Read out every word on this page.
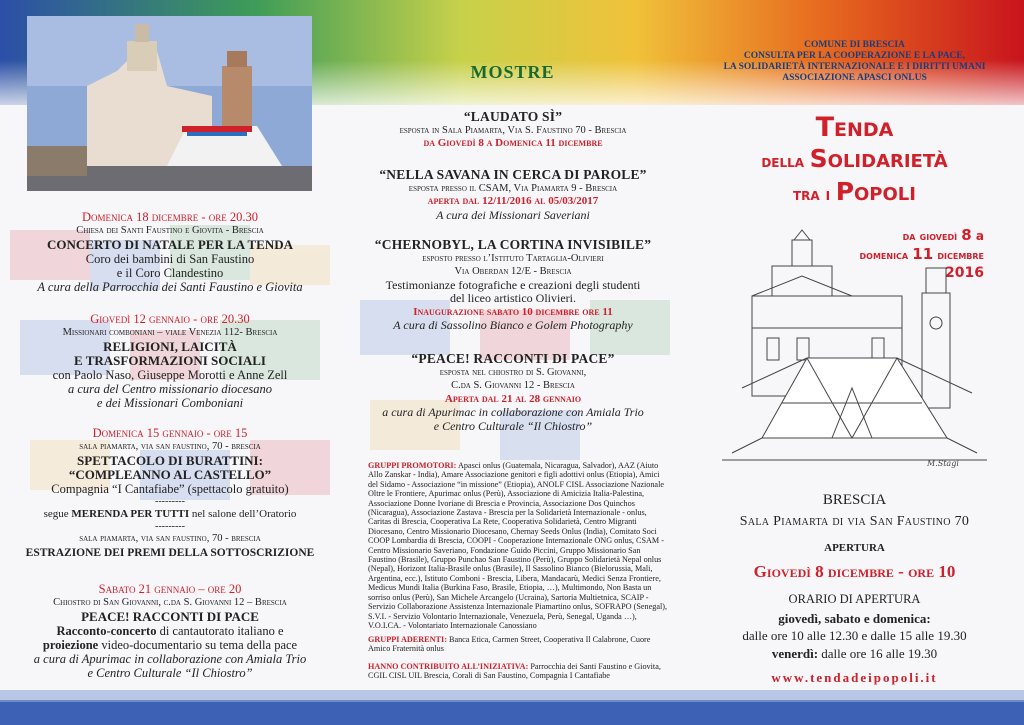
Domenica 18 dicembre - ore 20.30
Chiesa dei Santi Faustino e Giovita - Brescia
CONCERTO DI NATALE PER LA TENDA
Coro dei bambini di San Faustino
e il Coro Clandestino
A cura della Parrocchia dei Santi Faustino e Giovita
Giovedì 12 gennaio - ore 20.30
Missionari comboniani – viale Venezia 112- Brescia
RELIGIONI, LAICITÀ
E TRASFORMAZIONI SOCIALI
con Paolo Naso, Giuseppe Morotti e Anne Zell
a cura del Centro missionario diocesano
e dei Missionari Comboniani
Domenica 15 gennaio - ore 15
sala piamarta, via san faustino, 70 - brescia
SPETTACOLO DI BURATTINI:
“COMPLEANNO AL CASTELLO”
Compagnia “I Cantafiabe” (spettacolo gratuito)
---------
segue MERENDA PER TUTTI nel salone dell’Oratorio
---------
sala piamarta, via san faustino, 70 - brescia
ESTRAZIONE DEI PREMI DELLA SOTTOSCRIZIONE
Sabato 21 gennaio – ore 20
Chiostro di San Giovanni, c.da S. Giovanni 12 – Brescia
PEACE! RACCONTI DI PACE
Racconto-concerto di cantautorato italiano e
proiezione video-documentario su tema della pace
a cura di Apurimac in collaborazione con Amiala Trio
e Centro Culturale “Il Chiostro”
MOSTRE
“LAUDATO SÌ”
esposta in Sala Piamarta, Via S. Faustino 70 - Brescia
da Giovedì 8 a Domenica 11 dicembre
“NELLA SAVANA IN CERCA DI PAROLE”
esposta presso il CSAM, Via Piamarta 9 - Brescia
aperta dal 12/11/2016 al 05/03/2017
A cura dei Missionari Saveriani
“CHERNOBYL, LA CORTINA INVISIBILE”
esposto presso l’Istituto Tartaglia-Olivieri
Via Oberdan 12/E - Brescia
Testimonianze fotografiche e creazioni degli studenti
del liceo artistico Olivieri.
Inaugurazione sabato 10 dicembre ore 11
A cura di Sassolino Bianco e Golem Photography
“PEACE! RACCONTI DI PACE”
esposta nel chiostro di S. Giovanni,
C.da S. Giovanni 12 - Brescia
Aperta dal 21 al 28 gennaio
a cura di Apurimac in collaborazione con Amiala Trio
e Centro Culturale “Il Chiostro”
GRUPPI PROMOTORI: Apasci onlus (Guatemala, Nicaragua, Salvador), AAZ (Aiuto Allo Zanskar - India), Amare Associazione genitori e figli adottivi onlus (Etiopia), Amici del Sidamo - Associazione “in missione” (Etiopia), ANOLF CISL Associazione Nazionale Oltre le Frontiere, Apurimac onlus (Perù), Associazione di Amicizia Italia-Palestina, Associazione Donne Ivoriane di Brescia e Provincia, Associazione Dos Quinchos (Nicaragua), Associazione Zastava - Brescia per la Solidarietà Internazionale - onlus, Caritas di Brescia, Cooperativa La Rete, Cooperativa Solidarietà, Centro Migranti Diocesano, Centro Missionario Diocesano, Chernay Seeds Onlus (India), Comitato Soci COOP Lombardia di Brescia, COOPI - Cooperazione Internazionale ONG onlus, CSAM - Centro Missionario Saveriano, Fondazione Guido Piccini, Gruppo Missionario San Faustino (Brasile), Gruppo Punchao San Faustino (Perù), Gruppo Solidarietà Nepal onlus (Nepal), Horizont Italia-Brasile onlus (Brasile), Il Sassolino Bianco (Bielorussia, Mali, Argentina, ecc.), Istituto Comboni - Brescia, Libera, Mandacarù, Medici Senza Frontiere, Medicus Mundi Italia (Burkina Faso, Brasile, Etiopia, …), Multimondo, Non Basta un sorriso onlus (Perù), San Michele Arcangelo (Ucraina), Sartoria Multietnica, SCAIP - Servizio Collaborazione Assistenza Internazionale Piamartino onlus, SOFRAPO (Senegal), S.V.I. - Servizio Volontario Internazionale, Venezuela, Perù, Senegal, Uganda …), V.O.I.CA. - Volontariato Internazionale Canossiano
GRUPPI ADERENTI: Banca Etica, Carmen Street, Cooperativa Il Calabrone, Cuore Amico Fraternità onlus
HANNO CONTRIBUITO ALL’INIZIATIVA: Parrocchia dei Santi Faustino e Giovita, CGIL CISL UIL Brescia, Corali di San Faustino, Compagnia I Cantafiabe
COMUNE DI BRESCIA
CONSULTA PER LA COOPERAZIONE E LA PACE,
LA SOLIDARIETÀ INTERNAZIONALE E I DIRITTI UMANI
ASSOCIAZIONE APASCI ONLUS
Tenda
della Solidarietà
tra i Popoli
da giovedì 8 a
domenica 11 dicembre
2016
M.Stagi
BRESCIA
Sala Piamarta di via San Faustino 70
APERTURA
Giovedì 8 dicembre - ore 10
ORARIO DI APERTURA
giovedì, sabato e domenica:
dalle ore 10 alle 12.30 e dalle 15 alle 19.30
venerdì: dalle ore 16 alle 19.30
www.tendadeipopoli.it
